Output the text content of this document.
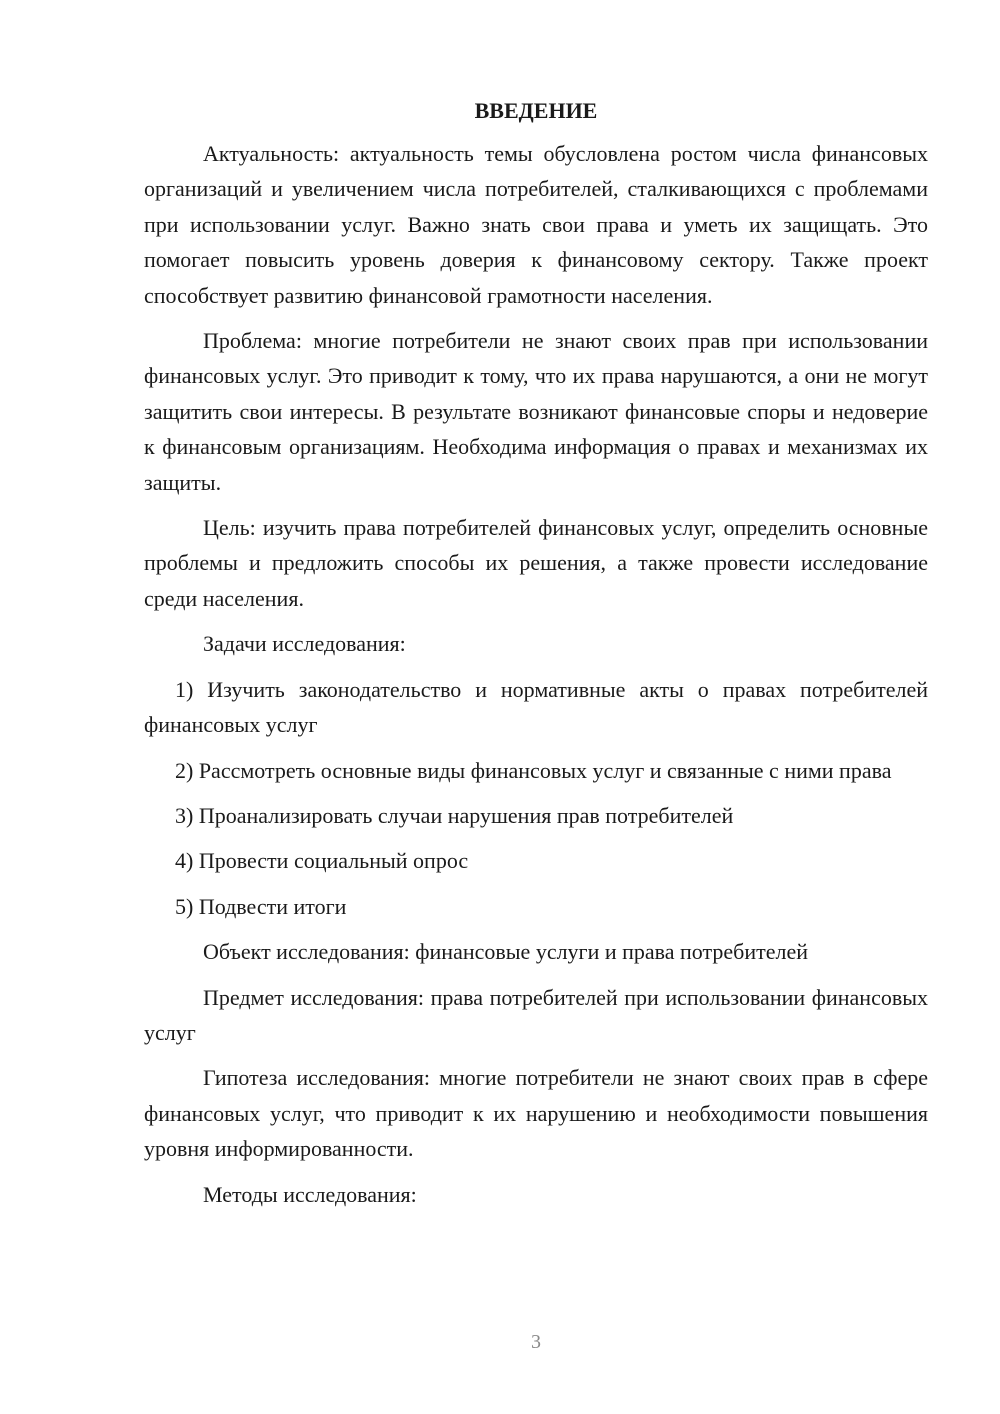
ВВЕДЕНИЕ

Актуальность: актуальность темы обусловлена ростом числа финансовых организаций и увеличением числа потребителей, сталкивающихся с проблемами при использовании услуг. Важно знать свои права и уметь их защищать. Это помогает повысить уровень доверия к финансовому сектору. Также проект способствует развитию финансовой грамотности населения.

Проблема: многие потребители не знают своих прав при использовании финансовых услуг. Это приводит к тому, что их права нарушаются, а они не могут защитить свои интересы. В результате возникают финансовые споры и недоверие к финансовым организациям. Необходима информация о правах и механизмах их защиты.

Цель: изучить права потребителей финансовых услуг, определить основные проблемы и предложить способы их решения, а также провести исследование среди населения.

Задачи исследования:

1) Изучить законодательство и нормативные акты о правах потребителей финансовых услуг

2) Рассмотреть основные виды финансовых услуг и связанные с ними права

3) Проанализировать случаи нарушения прав потребителей

4) Провести социальный опрос

5) Подвести итоги

Объект исследования: финансовые услуги и права потребителей

Предмет исследования: права потребителей при использовании финансовых услуг

Гипотеза исследования: многие потребители не знают своих прав в сфере финансовых услуг, что приводит к их нарушению и необходимости повышения уровня информированности.

Методы исследования:

3
